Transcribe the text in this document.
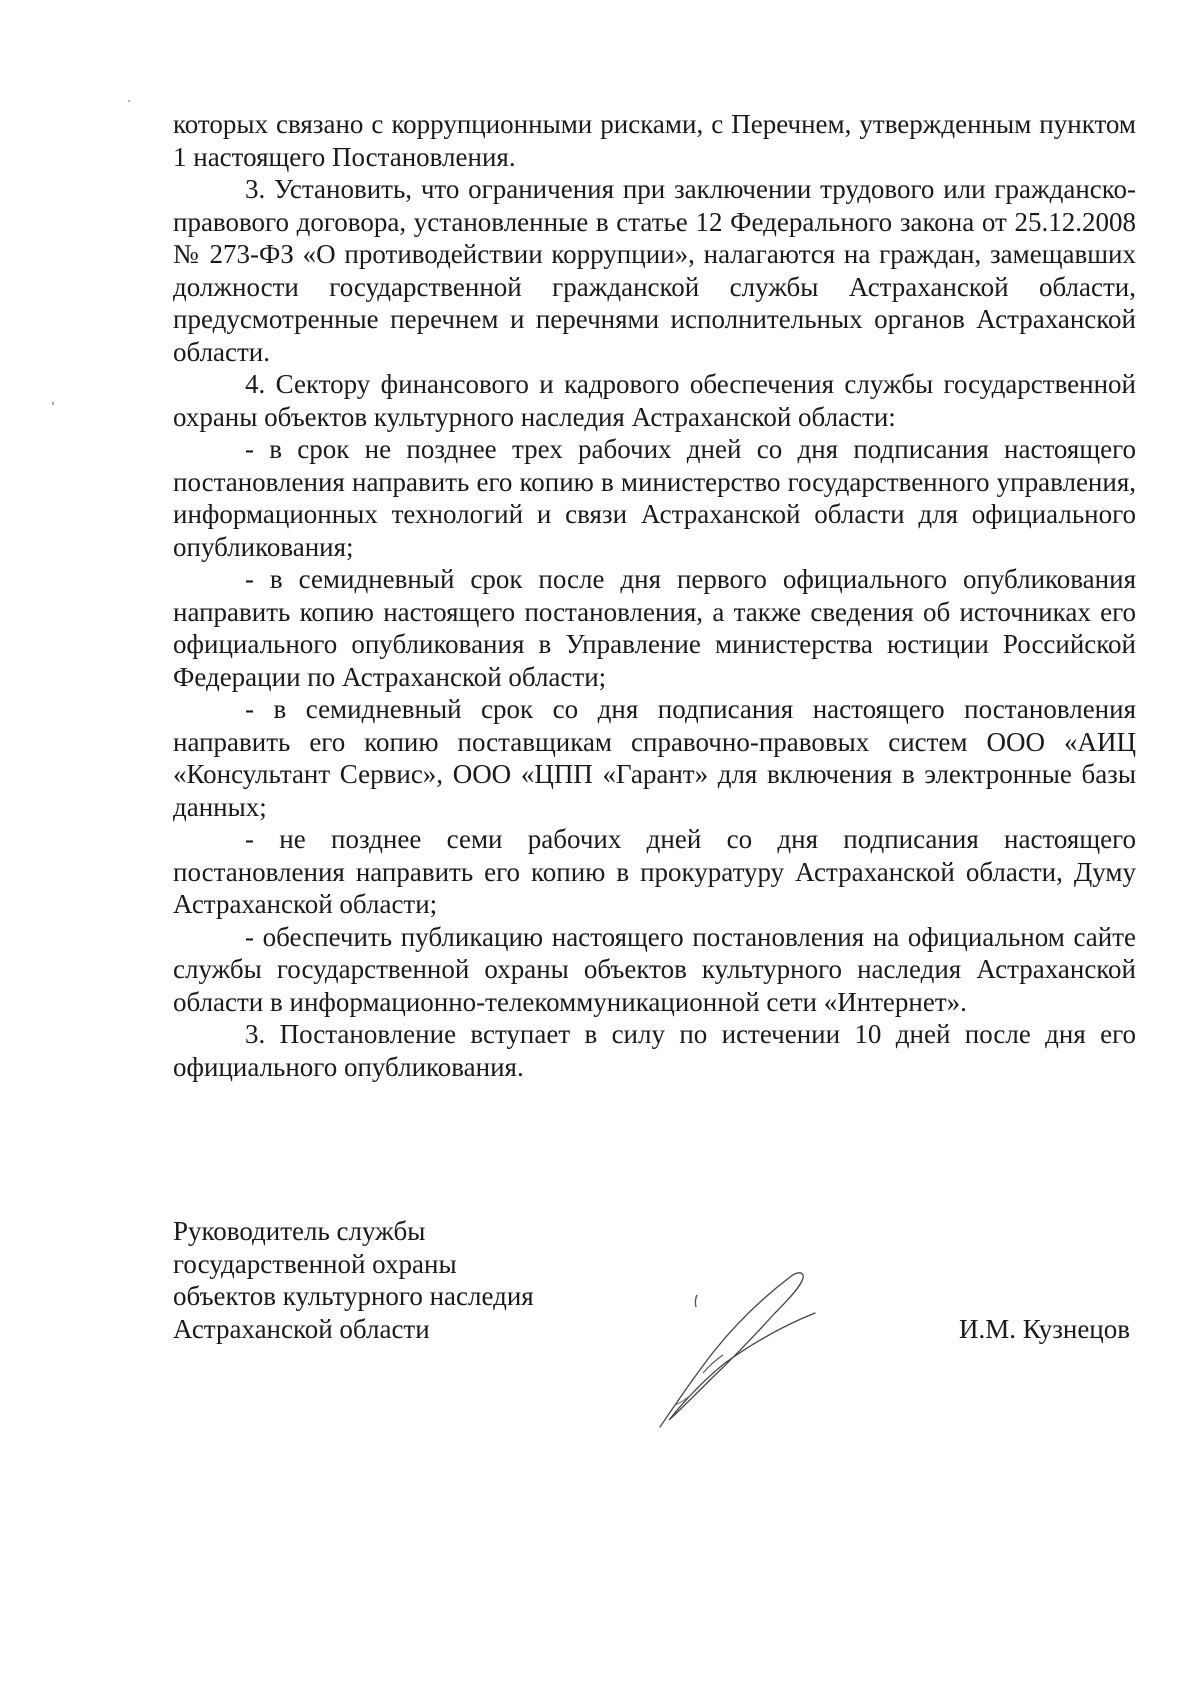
которых связано с коррупционными рисками, с Перечнем, утвержденным пунктом 1 настоящего Постановления.

3. Установить, что ограничения при заключении трудового или гражданско-правового договора, установленные в статье 12 Федерального закона от 25.12.2008 № 273-ФЗ «О противодействии коррупции», налагаются на граждан, замещавших должности государственной гражданской службы Астраханской области, предусмотренные перечнем и перечнями исполнительных органов Астраханской области.

4. Сектору финансового и кадрового обеспечения службы государственной охраны объектов культурного наследия Астраханской области:

- в срок не позднее трех рабочих дней со дня подписания настоящего постановления направить его копию в министерство государственного управления, информационных технологий и связи Астраханской области для официального опубликования;

- в семидневный срок после дня первого официального опубликования направить копию настоящего постановления, а также сведения об источниках его официального опубликования в Управление министерства юстиции Российской Федерации по Астраханской области;

- в семидневный срок со дня подписания настоящего постановления направить его копию поставщикам справочно-правовых систем ООО «АИЦ «Консультант Сервис», ООО «ЦПП «Гарант» для включения в электронные базы данных;

- не позднее семи рабочих дней со дня подписания настоящего постановления направить его копию в прокуратуру Астраханской области, Думу Астраханской области;

- обеспечить публикацию настоящего постановления на официальном сайте службы государственной охраны объектов культурного наследия Астраханской области в информационно-телекоммуникационной сети «Интернет».

3. Постановление вступает в силу по истечении 10 дней после дня его официального опубликования.

Руководитель службы
государственной охраны
объектов культурного наследия
Астраханской области	И.М. Кузнецов
